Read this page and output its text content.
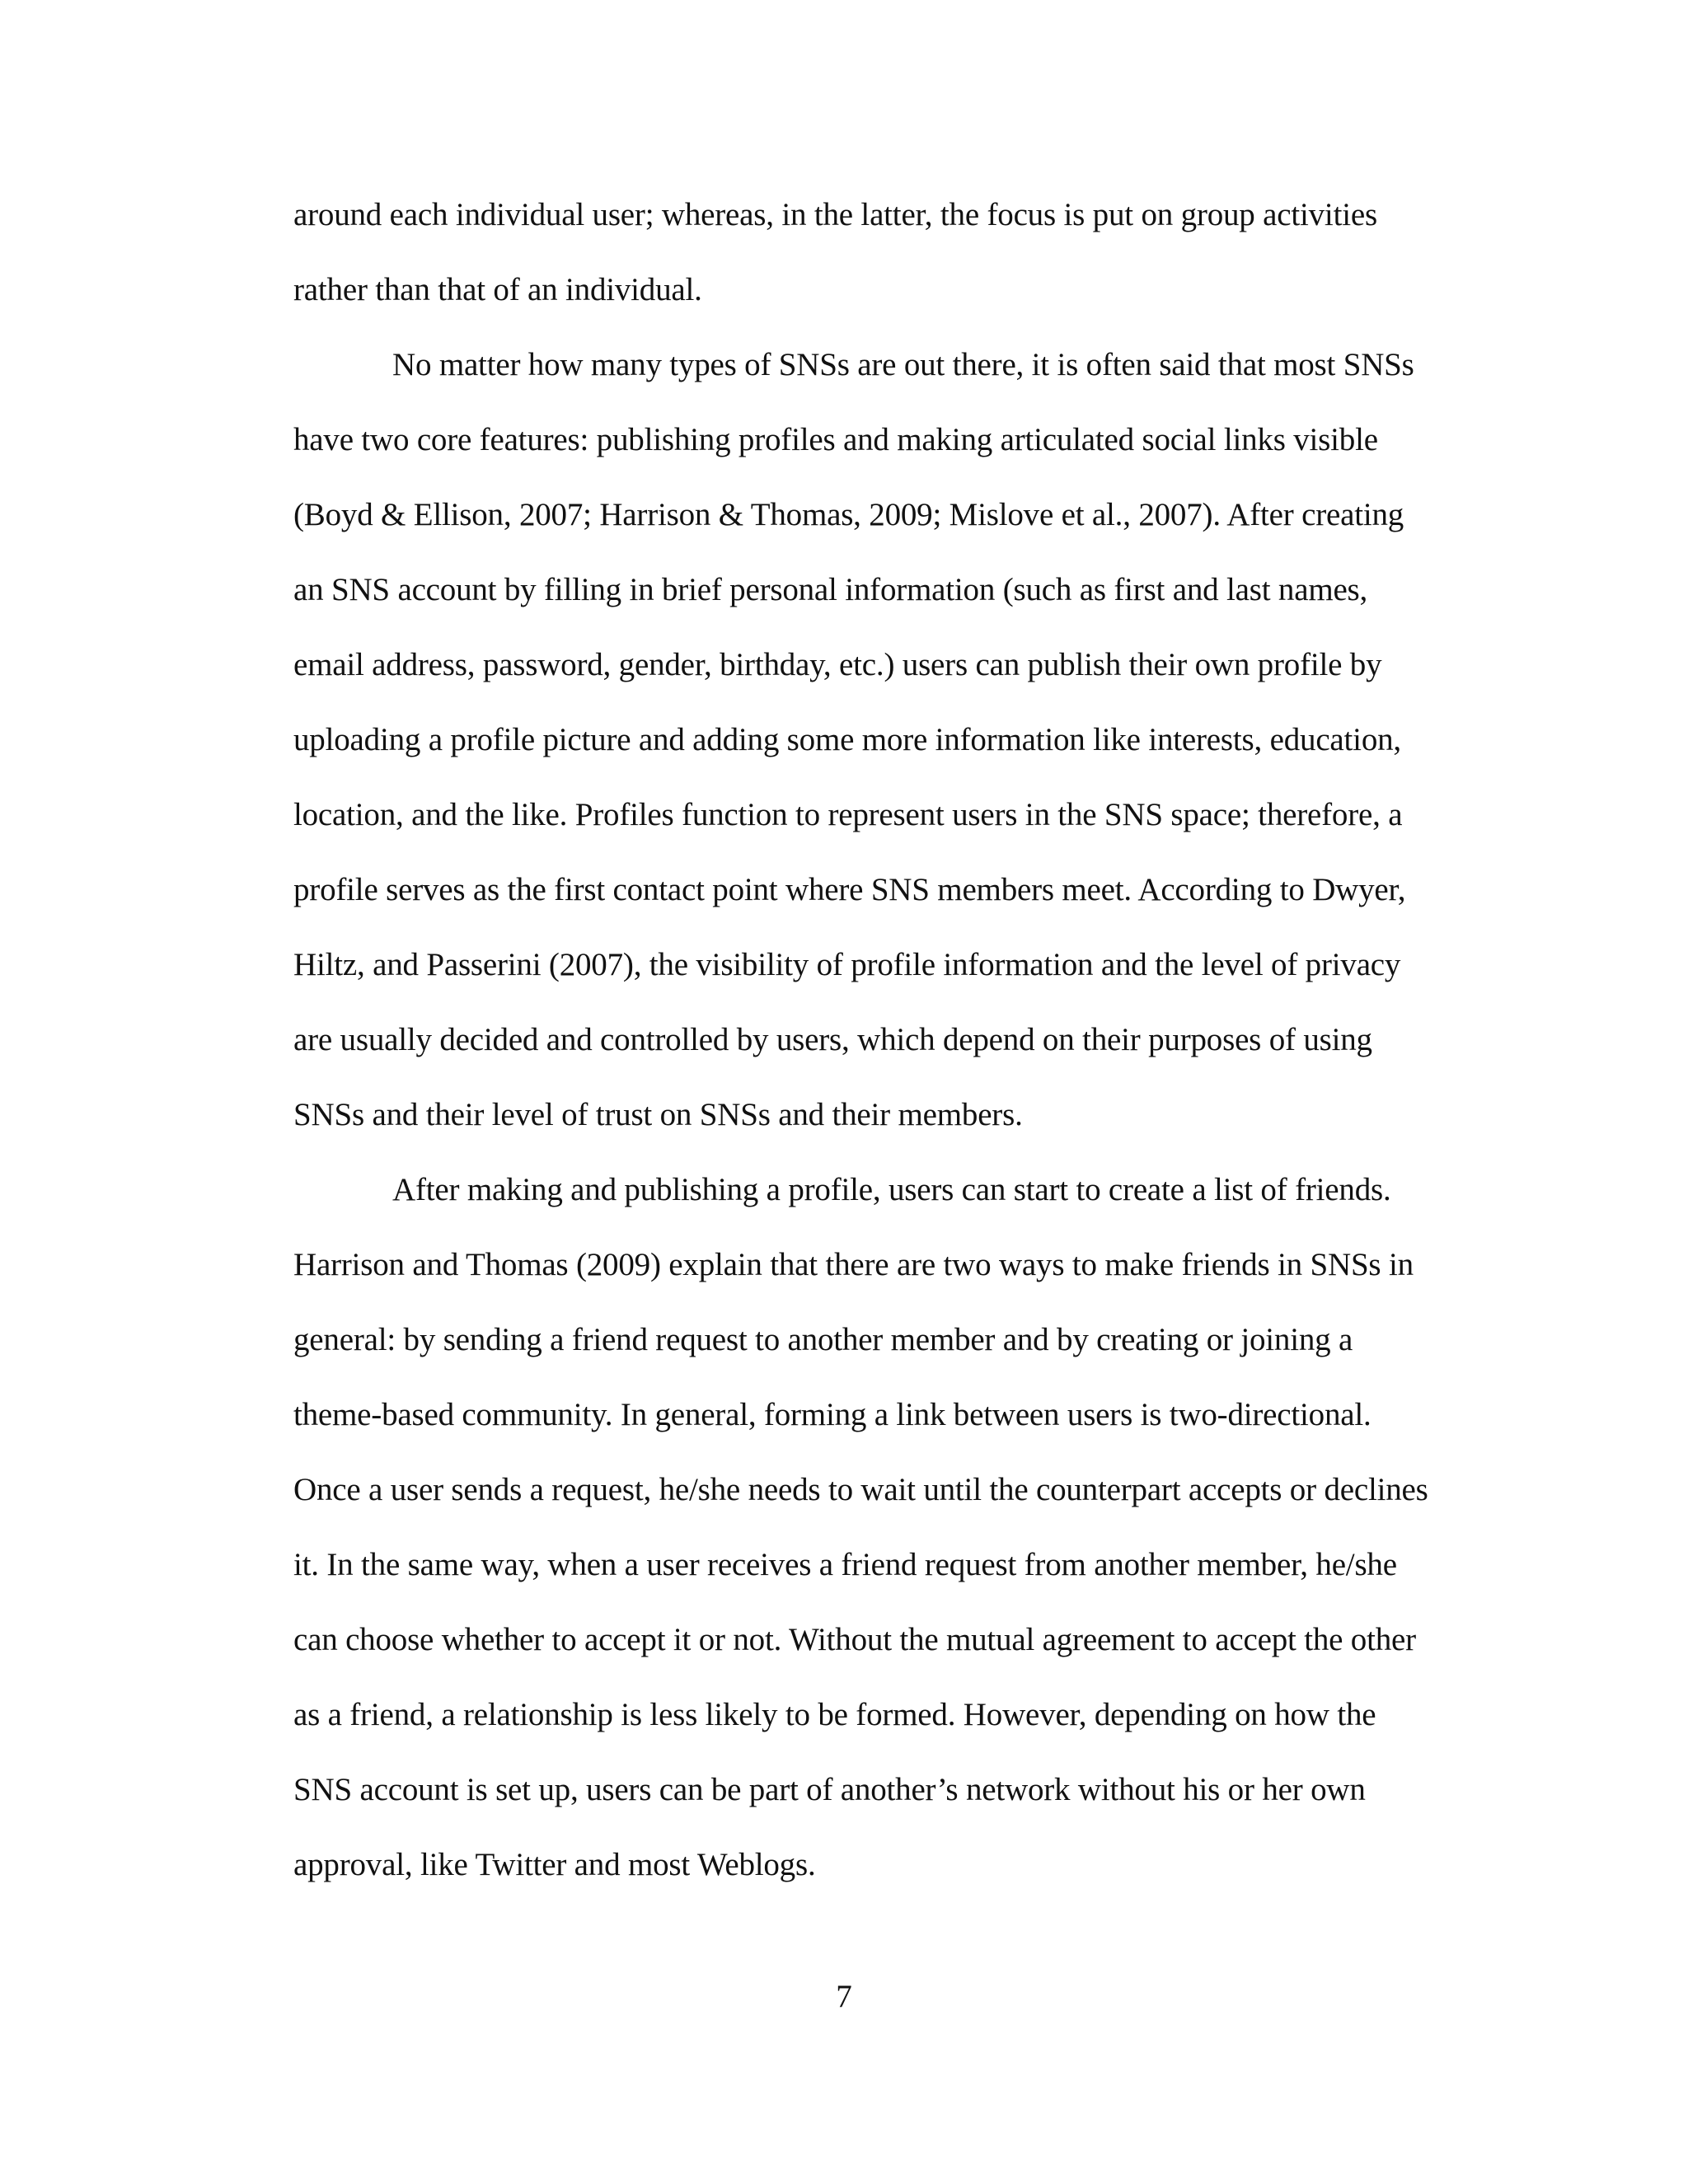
around each individual user; whereas, in the latter, the focus is put on group activities
rather than that of an individual.
No matter how many types of SNSs are out there, it is often said that most SNSs
have two core features: publishing profiles and making articulated social links visible
(Boyd & Ellison, 2007; Harrison & Thomas, 2009; Mislove et al., 2007). After creating
an SNS account by filling in brief personal information (such as first and last names,
email address, password, gender, birthday, etc.) users can publish their own profile by
uploading a profile picture and adding some more information like interests, education,
location, and the like. Profiles function to represent users in the SNS space; therefore, a
profile serves as the first contact point where SNS members meet. According to Dwyer,
Hiltz, and Passerini (2007), the visibility of profile information and the level of privacy
are usually decided and controlled by users, which depend on their purposes of using
SNSs and their level of trust on SNSs and their members.
After making and publishing a profile, users can start to create a list of friends.
Harrison and Thomas (2009) explain that there are two ways to make friends in SNSs in
general: by sending a friend request to another member and by creating or joining a
theme-based community. In general, forming a link between users is two-directional.
Once a user sends a request, he/she needs to wait until the counterpart accepts or declines
it. In the same way, when a user receives a friend request from another member, he/she
can choose whether to accept it or not. Without the mutual agreement to accept the other
as a friend, a relationship is less likely to be formed. However, depending on how the
SNS account is set up, users can be part of another’s network without his or her own
approval, like Twitter and most Weblogs.
7
